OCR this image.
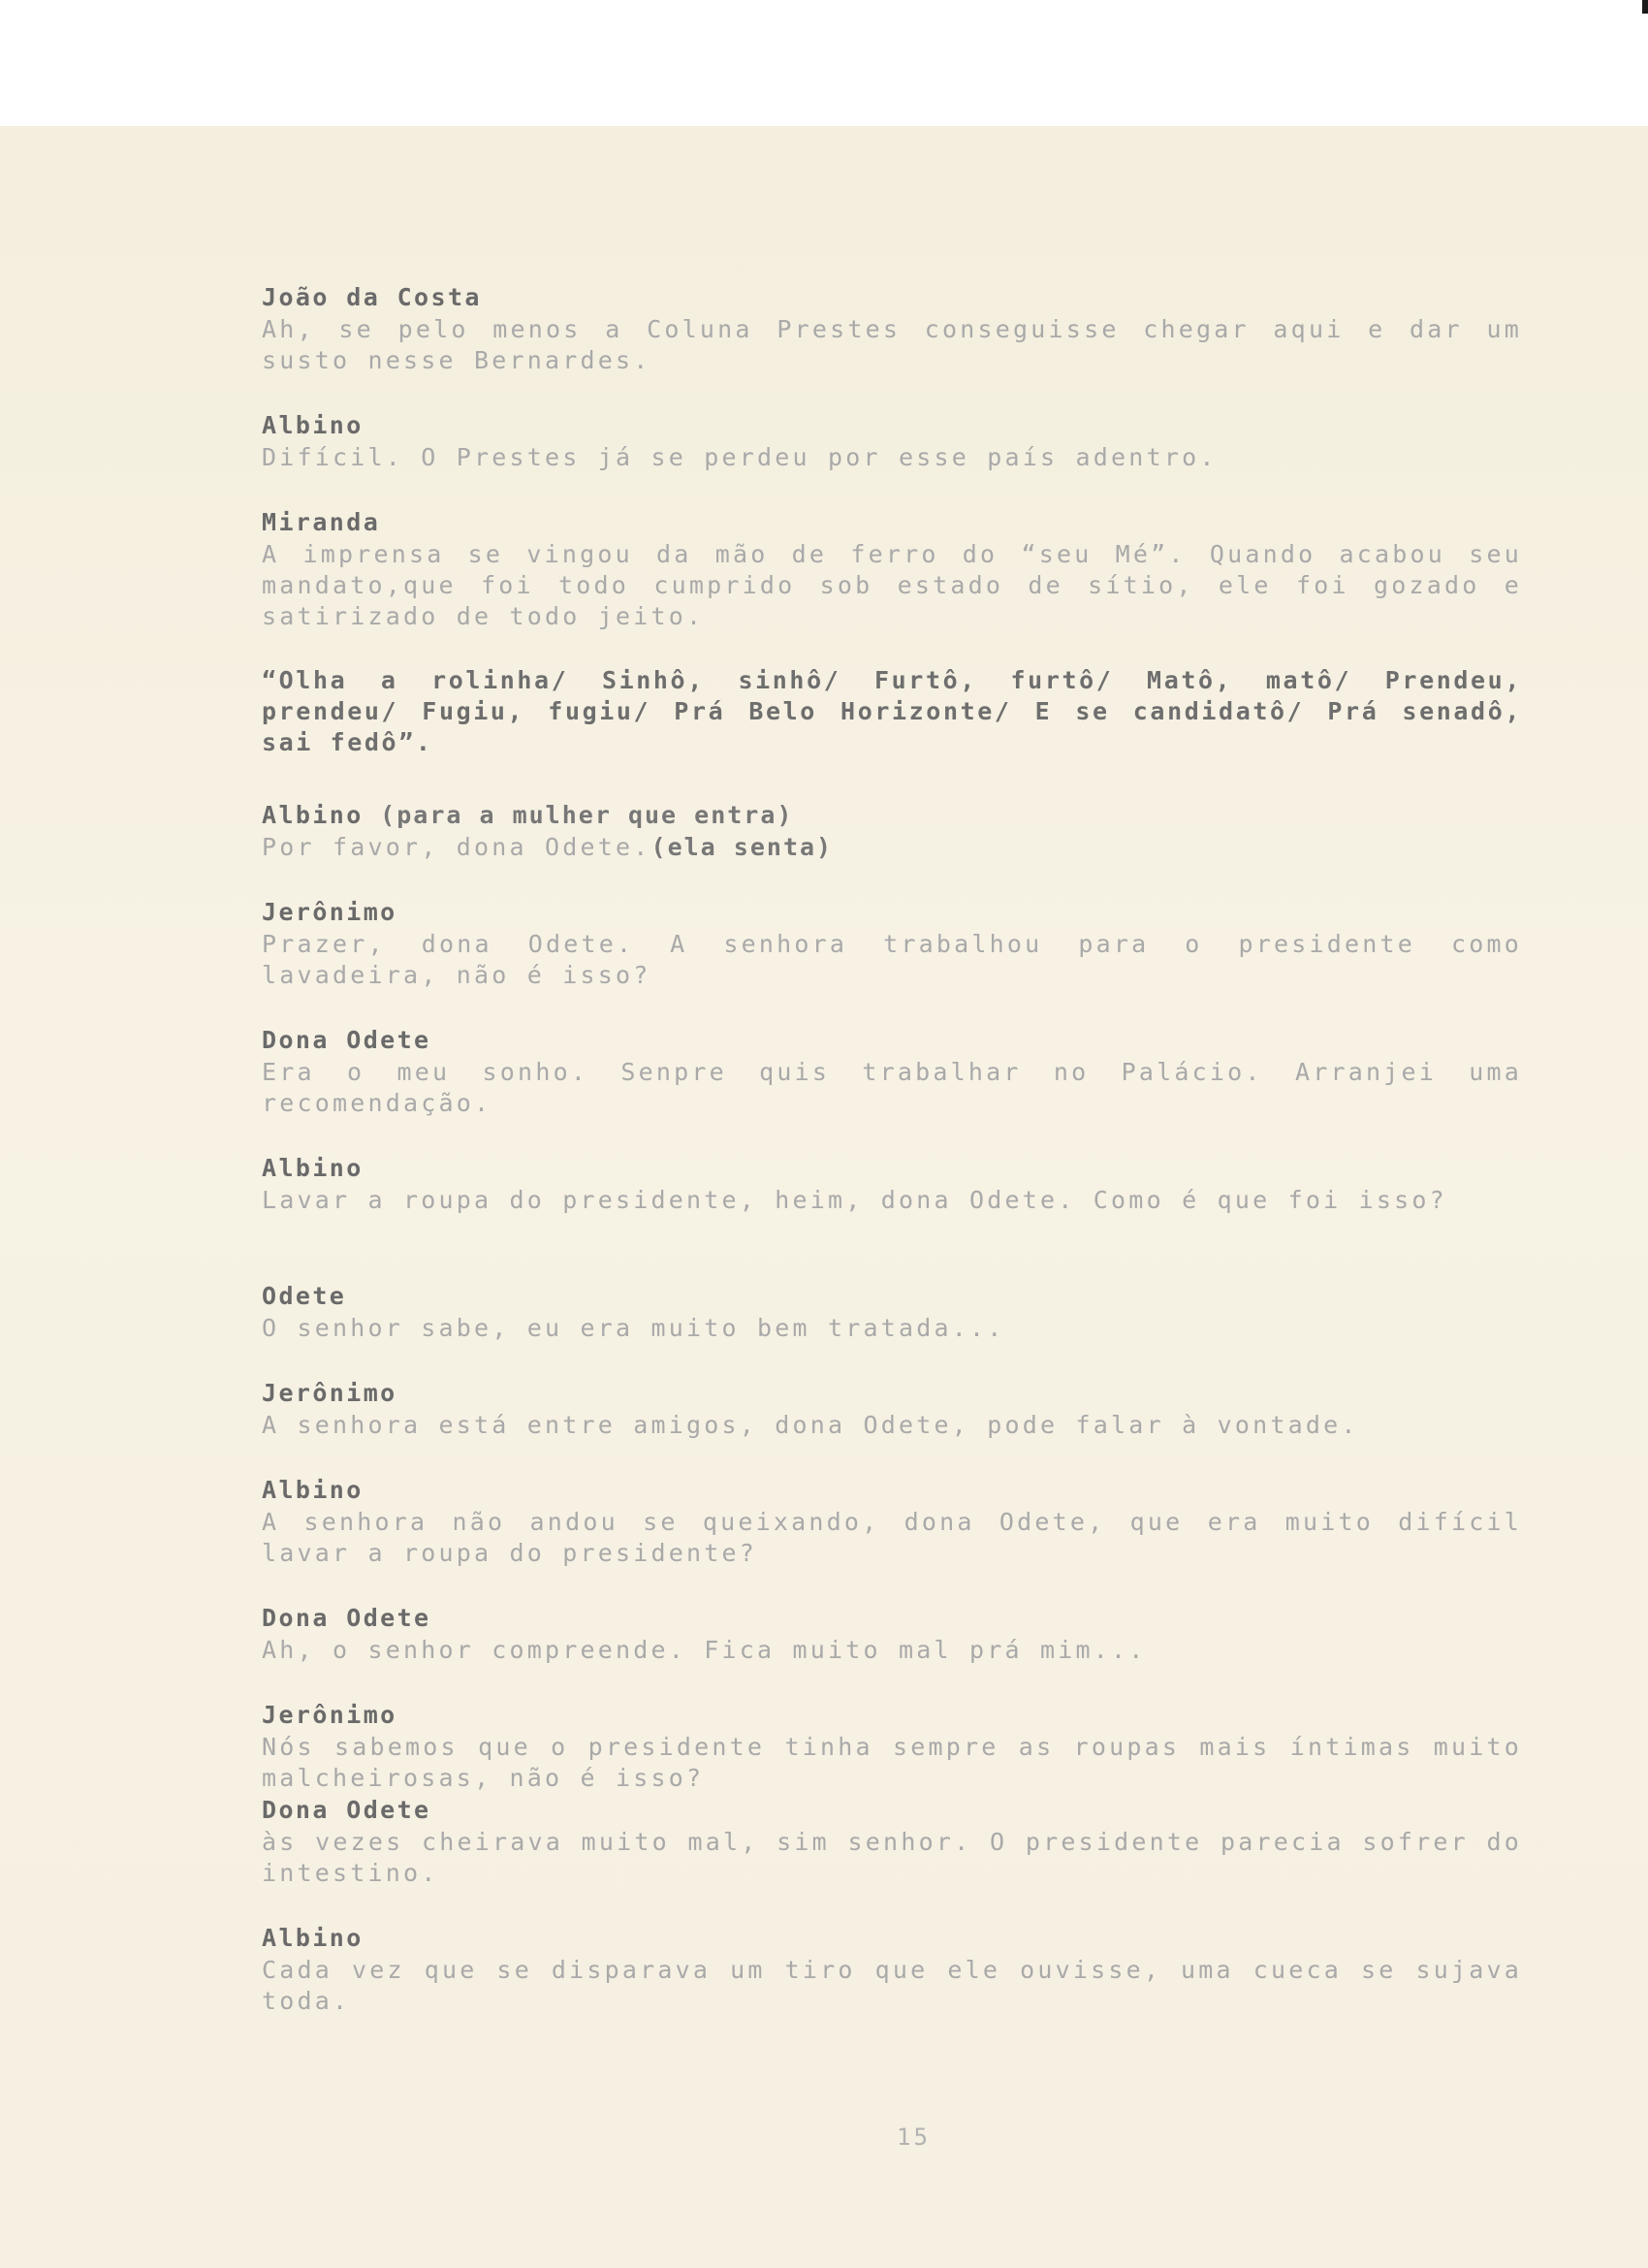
João da Costa
Ah, se pelo menos a Coluna Prestes conseguisse chegar aqui e dar um susto nesse Bernardes.
Albino
Difícil. O Prestes já se perdeu por esse país adentro.
Miranda
A imprensa se vingou da mão de ferro do “seu Mé”. Quando acabou seu mandato,que foi todo cumprido sob estado de sítio, ele foi gozado e satirizado de todo jeito.
“Olha a rolinha/ Sinhô, sinhô/ Furtô, furtô/ Matô, matô/ Prendeu, prendeu/ Fugiu, fugiu/ Prá Belo Horizonte/ E se candidatô/ Prá senadô, sai fedô”.
Albino (para a mulher que entra)
Por favor, dona Odete.(ela senta)
Jerônimo
Prazer, dona Odete. A senhora trabalhou para o presidente como lavadeira, não é isso?
Dona Odete
Era o meu sonho. Senpre quis trabalhar no Palácio. Arranjei uma recomendação.
Albino
Lavar a roupa do presidente, heim, dona Odete. Como é que foi isso?
Odete
O senhor sabe, eu era muito bem tratada...
Jerônimo
A senhora está entre amigos, dona Odete, pode falar à vontade.
Albino
A senhora não andou se queixando, dona Odete, que era muito difícil lavar a roupa do presidente?
Dona Odete
Ah, o senhor compreende. Fica muito mal prá mim...
Jerônimo
Nós sabemos que o presidente tinha sempre as roupas mais íntimas muito malcheirosas, não é isso?
Dona Odete
às vezes cheirava muito mal, sim senhor. O presidente parecia sofrer do intestino.
Albino
Cada vez que se disparava um tiro que ele ouvisse, uma cueca se sujava toda.
15
